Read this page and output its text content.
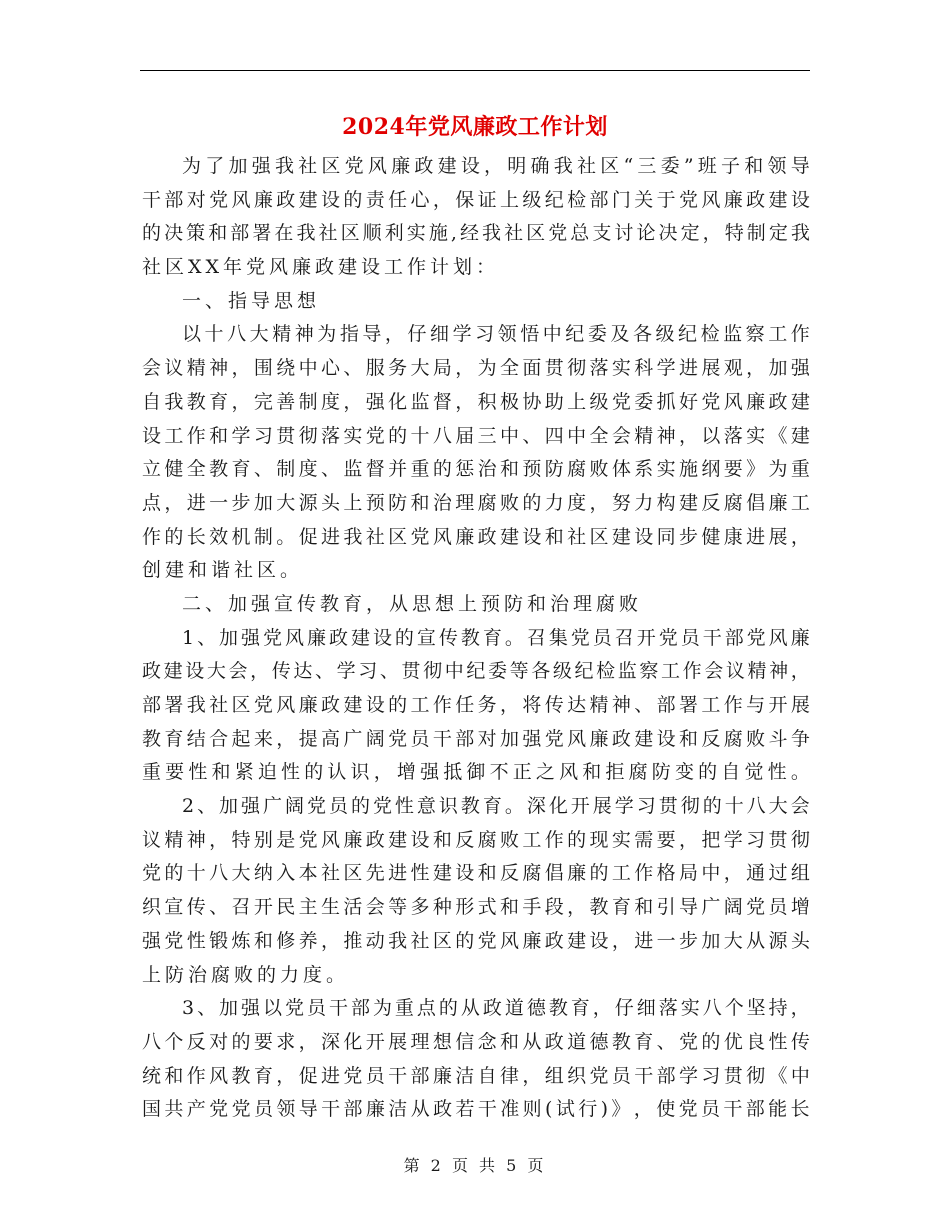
2024年党风廉政工作计划
为 了 加 强 我 社 区 党 风 廉 政 建 设 ， 明 确 我 社 区 “ 三 委 ” 班 子 和 领 导
干 部 对 党 风 廉 政 建 设 的 责 任 心 ， 保 证 上 级 纪 检 部 门 关 于 党 风 廉 政 建 设
的 决 策 和 部 署 在 我 社 区 顺 利 实 施 , 经 我 社 区 党 总 支 讨 论 决 定 ， 特 制 定 我
社区XX年党风廉政建设工作计划：
一、指导思想
以 十 八 大 精 神 为 指 导 ， 仔 细 学 习 领 悟 中 纪 委 及 各 级 纪 检 监 察 工 作
会 议 精 神 ， 围 绕 中 心 、 服 务 大 局 ， 为 全 面 贯 彻 落 实 科 学 进 展 观 ， 加 强
自 我 教 育 ， 完 善 制 度 ， 强 化 监 督 ， 积 极 协 助 上 级 党 委 抓 好 党 风 廉 政 建
设 工 作 和 学 习 贯 彻 落 实 党 的 十 八 届 三 中 、 四 中 全 会 精 神 ， 以 落 实 《 建
立 健 全 教 育 、 制 度 、 监 督 并 重 的 惩 治 和 预 防 腐 败 体 系 实 施 纲 要 》 为 重
点 ， 进 一 步 加 大 源 头 上 预 防 和 治 理 腐 败 的 力 度 ， 努 力 构 建 反 腐 倡 廉 工
作 的 长 效 机 制 。 促 进 我 社 区 党 风 廉 政 建 设 和 社 区 建 设 同 步 健 康 进 展 ，
创建和谐社区。
二、加强宣传教育，从思想上预防和治理腐败
1 、 加 强 党 风 廉 政 建 设 的 宣 传 教 育 。 召 集 党 员 召 开 党 员 干 部 党 风 廉
政 建 设 大 会 ， 传 达 、 学 习 、 贯 彻 中 纪 委 等 各 级 纪 检 监 察 工 作 会 议 精 神 ，
部 署 我 社 区 党 风 廉 政 建 设 的 工 作 任 务 ， 将 传 达 精 神 、 部 署 工 作 与 开 展
教 育 结 合 起 来 ， 提 高 广 阔 党 员 干 部 对 加 强 党 风 廉 政 建 设 和 反 腐 败 斗 争
重 要 性 和 紧 迫 性 的 认 识 ， 增 强 抵 御 不 正 之 风 和 拒 腐 防 变 的 自 觉 性 。
2 、 加 强 广 阔 党 员 的 党 性 意 识 教 育 。 深 化 开 展 学 习 贯 彻 的 十 八 大 会
议 精 神 ， 特 别 是 党 风 廉 政 建 设 和 反 腐 败 工 作 的 现 实 需 要 ， 把 学 习 贯 彻
党 的 十 八 大 纳 入 本 社 区 先 进 性 建 设 和 反 腐 倡 廉 的 工 作 格 局 中 ， 通 过 组
织 宣 传 、 召 开 民 主 生 活 会 等 多 种 形 式 和 手 段 ， 教 育 和 引 导 广 阔 党 员 增
强 党 性 锻 炼 和 修 养 ， 推 动 我 社 区 的 党 风 廉 政 建 设 ， 进 一 步 加 大 从 源 头
上防治腐败的力度。
3 、 加 强 以 党 员 干 部 为 重 点 的 从 政 道 德 教 育 ， 仔 细 落 实 八 个 坚 持 ，
八 个 反 对 的 要 求 ， 深 化 开 展 理 想 信 念 和 从 政 道 德 教 育 、 党 的 优 良 性 传
统 和 作 风 教 育 ， 促 进 党 员 干 部 廉 洁 自 律 ， 组 织 党 员 干 部 学 习 贯 彻 《 中
国 共 产 党 党 员 领 导 干 部 廉 洁 从 政 若 干 准 则 ( 试 行 ) 》 ， 使 党 员 干 部 能 长
第 2 页 共 5 页
